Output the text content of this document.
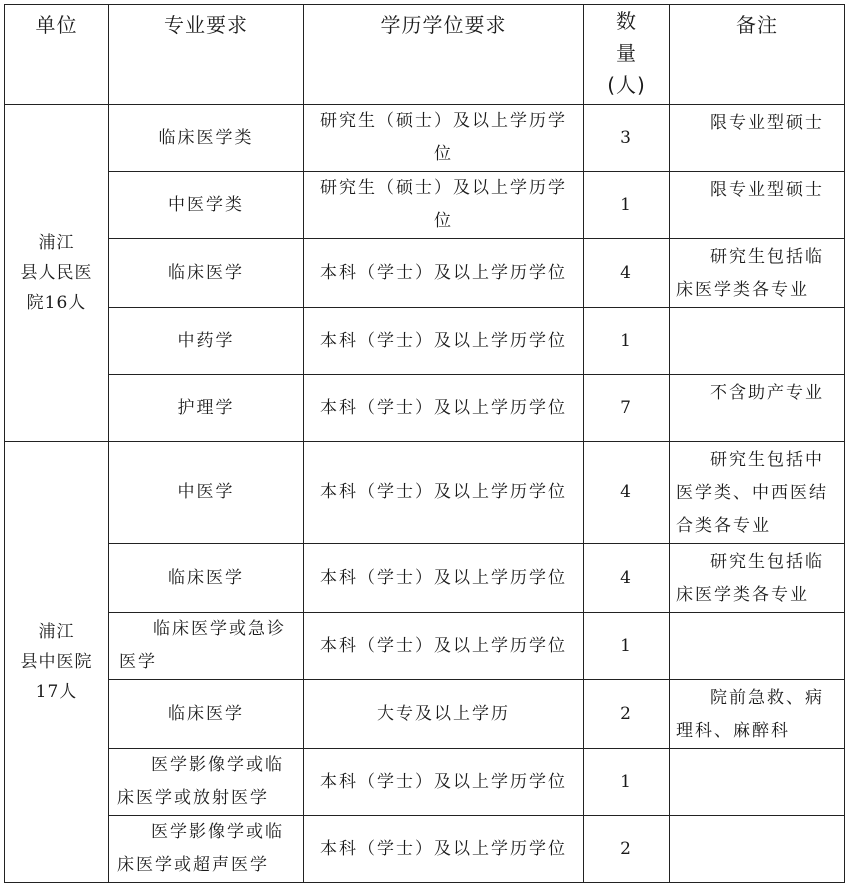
单位	专业要求	学历学位要求	数
量
(人)	备注

浦江
县人民医
院16人	临床医学类	研究生（硕士）及以上学历学位	3	限专业型硕士

	中医学类	研究生（硕士）及以上学历学位	1	限专业型硕士

	临床医学	本科（学士）及以上学历学位	4	研究生包括临床医学类各专业

	中药学	本科（学士）及以上学历学位	1	

	护理学	本科（学士）及以上学历学位	7	不含助产专业

浦江
县中医院
17人	中医学	本科（学士）及以上学历学位	4	研究生包括中医学类、中西医结合类各专业

	临床医学	本科（学士）及以上学历学位	4	研究生包括临床医学类各专业

	临床医学或急诊医学	本科（学士）及以上学历学位	1	

	临床医学	大专及以上学历	2	院前急救、病理科、麻醉科

	医学影像学或临床医学或放射医学	本科（学士）及以上学历学位	1	

	医学影像学或临床医学或超声医学	本科（学士）及以上学历学位	2	
